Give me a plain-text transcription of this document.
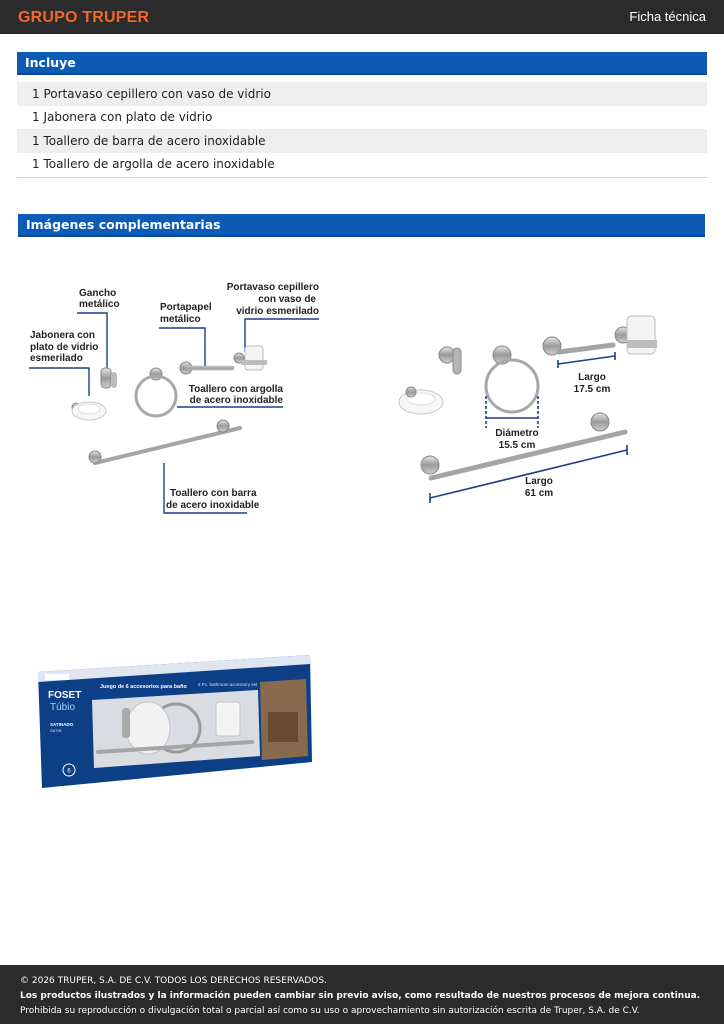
GRUPO TRUPER	Ficha técnica
Incluye
1 Portavaso cepillero con vaso de vidrio
1 Jabonera con plato de vidrio
1 Toallero de barra de acero inoxidable
1 Toallero de argolla de acero inoxidable
Imágenes complementarias
Gancho
metálico	Portapapel
metálico
Portavaso cepillero
con vaso de
vidrio esmerilado
Jabonera con
plato de vidrio
esmerilado
Toallero con argolla
de acero inoxidable
Toallero con barra
de acero inoxidable
Largo
17.5 cm
Diámetro
15.5 cm
Largo
61 cm
FOSET
Túbio
Juego de 6 accesorios para baño 6 Pc. bathroom accessory set
SATINADO
SATIN
47874
TBU-SET6
6
© 2026 TRUPER, S.A. DE C.V. TODOS LOS DERECHOS RESERVADOS.
Los productos ilustrados y la información pueden cambiar sin previo aviso, como resultado de nuestros procesos de mejora continua.
Prohibida su reproducción o divulgación total o parcial así como su uso o aprovechamiento sin autorización escrita de Truper, S.A. de C.V.
